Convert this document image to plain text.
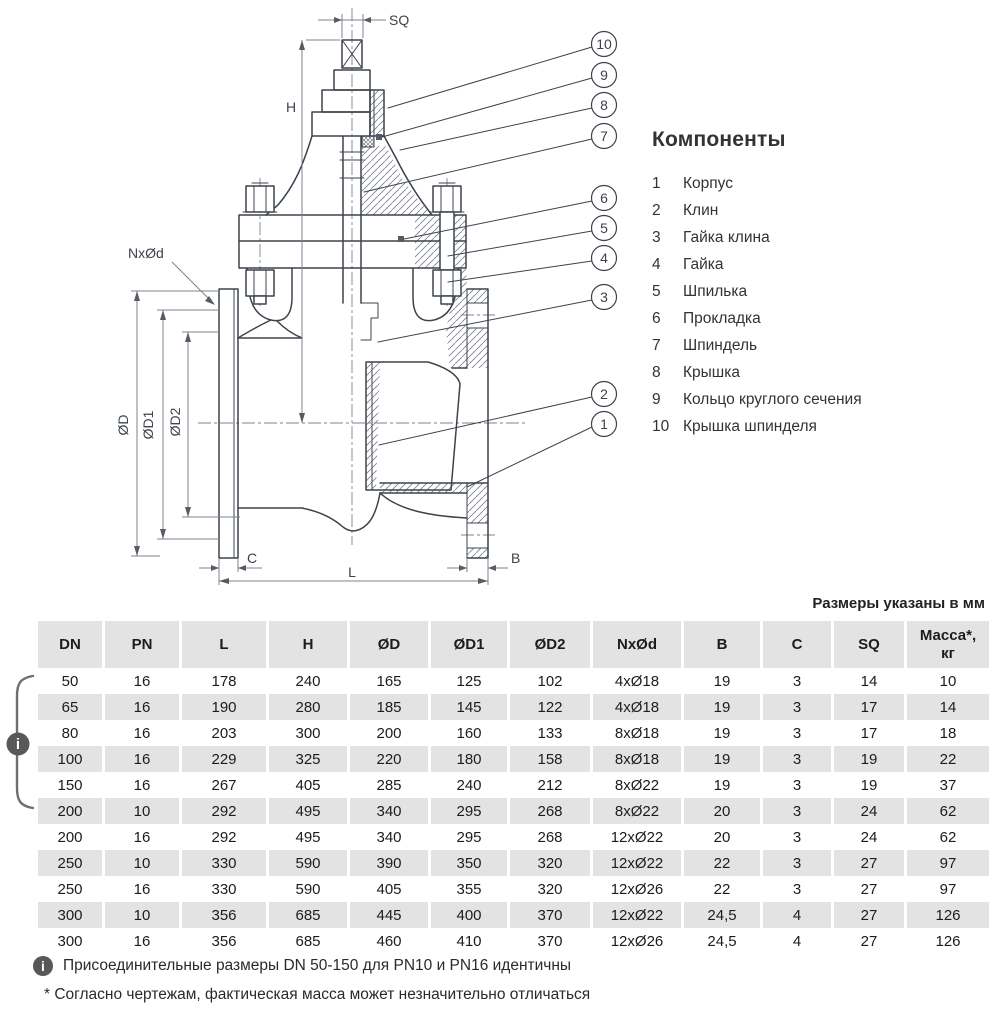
SQ
H
ØD ØD1 ØD2
NxØd
C	B
L
1
2
3
4
5
6
7
8
9
10
Компоненты
1	Корпус
2	Клин
3	Гайка клина
4	Гайка
5	Шпилька
6	Прокладка
7	Шпиндель
8	Крышка
9	Кольцо круглого сечения
10 Крышка шпинделя
Размеры указаны в мм
DN	PN	L	H	ØD	ØD1	ØD2	NxØd	B	C	SQ	Масса*,
кг
50	16	178	240	165	125	102	4xØ18	19	3	14	10
65	16	190	280	185	145	122	4xØ18	19	3	17	14
80	16	203	300	200	160	133	8xØ18	19	3	17	18
100	16	229	325	220	180	158	8xØ18	19	3	19	22
150	16	267	405	285	240	212	8xØ22	19	3	19	37
200	10	292	495	340	295	268	8xØ22	20	3	24	62
200	16	292	495	340	295	268	12xØ22	20	3	24	62
250	10	330	590	390	350	320	12xØ22	22	3	27	97
250	16	330	590	405	355	320	12xØ26	22	3	27	97
300	10	356	685	445	400	370	12xØ22	24,5	4	27	126
300	16	356	685	460	410	370	12xØ26	24,5	4	27	126
i
i	Присоединительные размеры DN 50-150 для PN10 и PN16 идентичны
* Согласно чертежам, фактическая масса может незначительно отличаться
